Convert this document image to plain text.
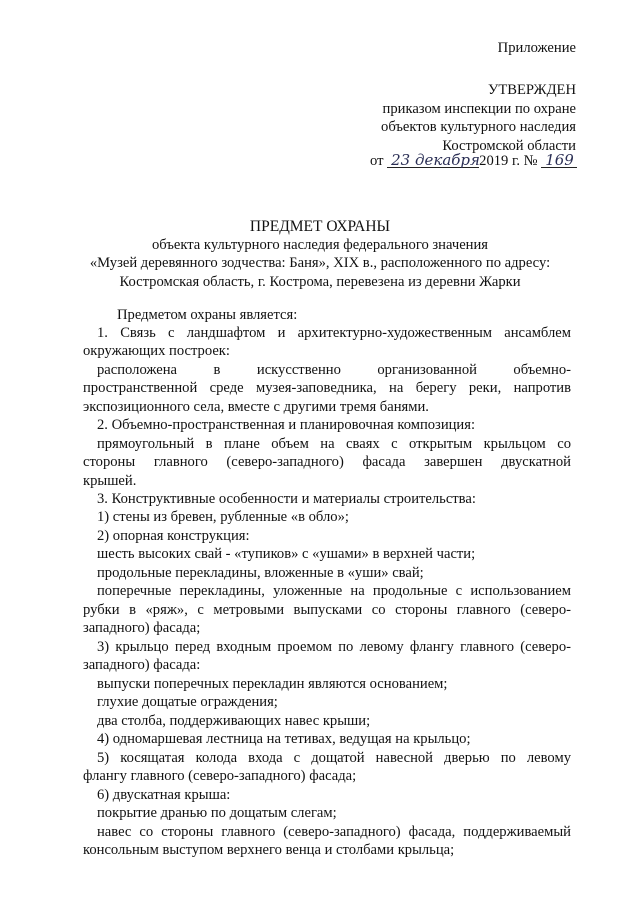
Приложение
УТВЕРЖДЕН
приказом инспекции по охране
объектов культурного наследия
Костромской области
от 23 декабря2019 г. № 169
ПРЕДМЕТ ОХРАНЫ
объекта культурного наследия федерального значения
«Музей деревянного зодчества: Баня», XIX в., расположенного по адресу:
Костромская область, г. Кострома, перевезена из деревни Жарки
Предметом охраны является:
1. Связь с ландшафтом и архитектурно-художественным ансамблем
окружающих построек:
расположена в искусственно организованной объемно-
пространственной среде музея-заповедника, на берегу реки, напротив
экспозиционного села, вместе с другими тремя банями.
2. Объемно-пространственная и планировочная композиция:
прямоугольный в плане объем на сваях с открытым крыльцом со
стороны главного (северо-западного) фасада завершен двускатной
крышей.
3. Конструктивные особенности и материалы строительства:
1) стены из бревен, рубленные «в обло»;
2) опорная конструкция:
шесть высоких свай - «тупиков» с «ушами» в верхней части;
продольные перекладины, вложенные в «уши» свай;
поперечные перекладины, уложенные на продольные с использованием
рубки в «ряж», с метровыми выпусками со стороны главного (северо-
западного) фасада;
3) крыльцо перед входным проемом по левому флангу главного (северо-
западного) фасада:
выпуски поперечных перекладин являются основанием;
глухие дощатые ограждения;
два столба, поддерживающих навес крыши;
4) одномаршевая лестница на тетивах, ведущая на крыльцо;
5) косящатая колода входа с дощатой навесной дверью по левому
флангу главного (северо-западного) фасада;
6) двускатная крыша:
покрытие дранью по дощатым слегам;
навес со стороны главного (северо-западного) фасада, поддерживаемый
консольным выступом верхнего венца и столбами крыльца;
